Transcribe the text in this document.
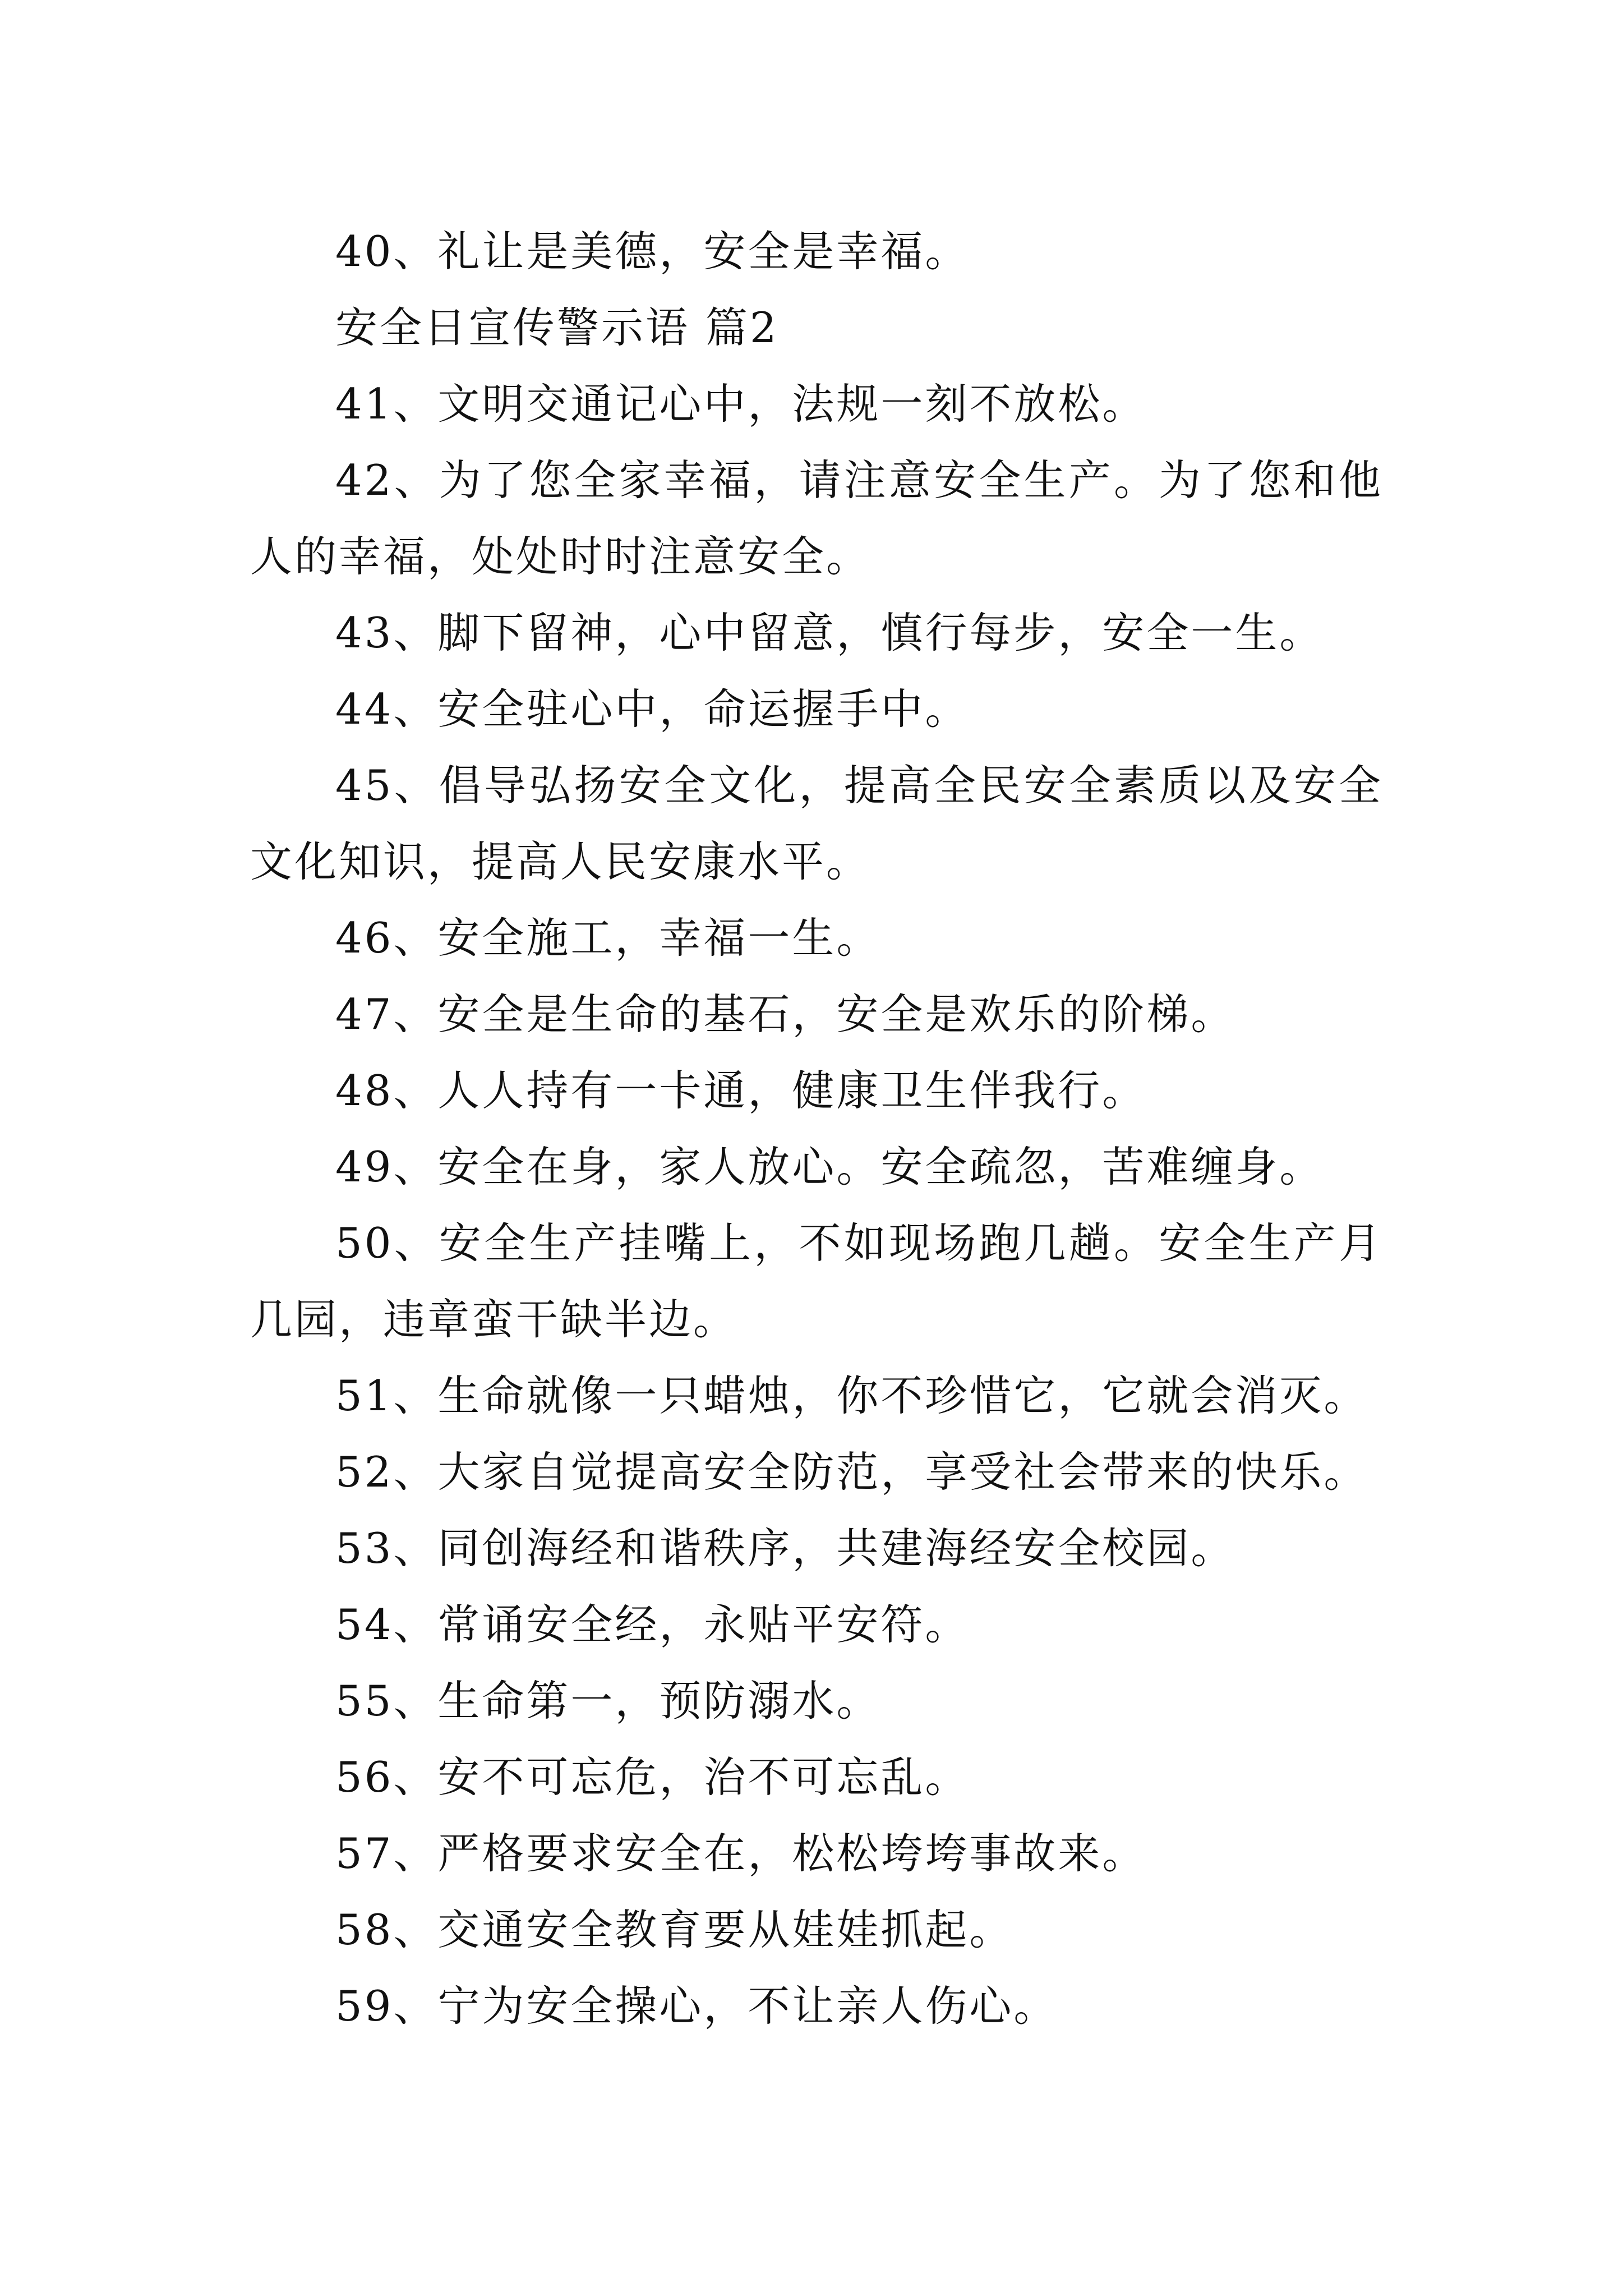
40、礼让是美德，安全是幸福。

安全日宣传警示语 篇2

41、文明交通记心中，法规一刻不放松。

42、为了您全家幸福，请注意安全生产。为了您和他人的幸福，处处时时注意安全。

43、脚下留神，心中留意，慎行每步，安全一生。

44、安全驻心中，命运握手中。

45、倡导弘扬安全文化，提高全民安全素质以及安全文化知识，提高人民安康水平。

46、安全施工，幸福一生。

47、安全是生命的基石，安全是欢乐的阶梯。

48、人人持有一卡通，健康卫生伴我行。

49、安全在身，家人放心。安全疏忽，苦难缠身。

50、安全生产挂嘴上，不如现场跑几趟。安全生产月几园，违章蛮干缺半边。

51、生命就像一只蜡烛，你不珍惜它，它就会消灭。

52、大家自觉提高安全防范，享受社会带来的快乐。

53、同创海经和谐秩序，共建海经安全校园。

54、常诵安全经，永贴平安符。

55、生命第一，预防溺水。

56、安不可忘危，治不可忘乱。

57、严格要求安全在，松松垮垮事故来。

58、交通安全教育要从娃娃抓起。

59、宁为安全操心，不让亲人伤心。
